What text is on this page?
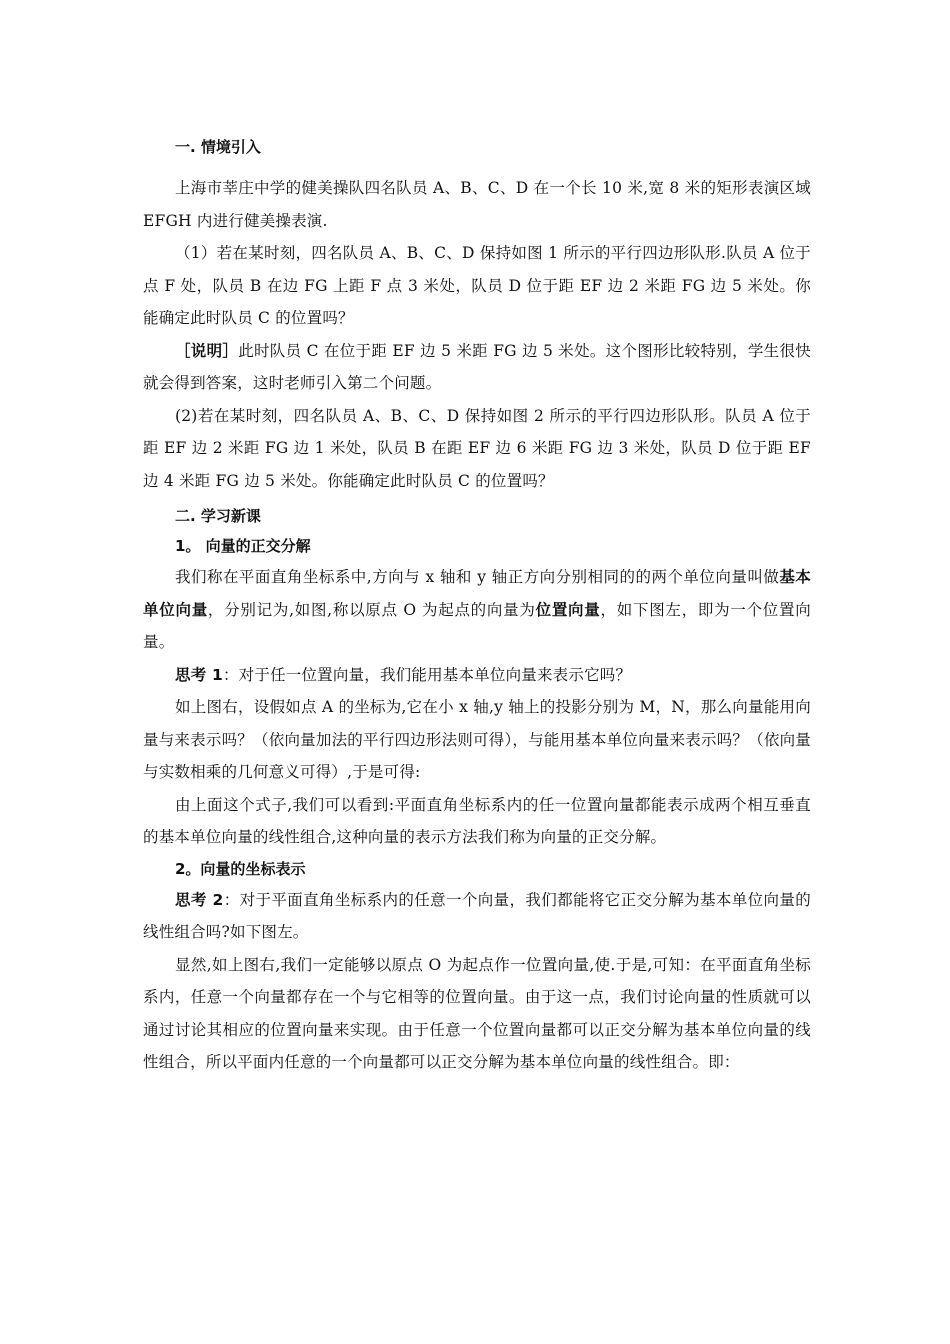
一. 情境引入

上海市莘庄中学的健美操队四名队员 A、B、C、D 在一个长 10 米,宽 8 米的矩形表演区域 EFGH 内进行健美操表演.

（1）若在某时刻，四名队员 A、B、C、D 保持如图 1 所示的平行四边形队形.队员 A 位于点 F 处，队员 B 在边 FG 上距 F 点 3 米处，队员 D 位于距 EF 边 2 米距 FG 边 5 米处。你能确定此时队员 C 的位置吗？

［说明］此时队员 C 在位于距 EF 边 5 米距 FG 边 5 米处。这个图形比较特别，学生很快就会得到答案，这时老师引入第二个问题。

(2)若在某时刻，四名队员 A、B、C、D 保持如图 2 所示的平行四边形队形。队员 A 位于距 EF 边 2 米距 FG 边 1 米处，队员 B 在距 EF 边 6 米距 FG 边 3 米处，队员 D 位于距 EF 边 4 米距 FG 边 5 米处。你能确定此时队员 C 的位置吗？

二. 学习新课
1。 向量的正交分解

我们称在平面直角坐标系中,方向与 x 轴和 y 轴正方向分别相同的的两个单位向量叫做基本单位向量，分别记为,如图,称以原点 O 为起点的向量为位置向量，如下图左，即为一个位置向量。

思考 1：对于任一位置向量，我们能用基本单位向量来表示它吗？

如上图右，设假如点 A 的坐标为,它在小 x 轴,y 轴上的投影分别为 M，N，那么向量能用向量与来表示吗？（依向量加法的平行四边形法则可得），与能用基本单位向量来表示吗？（依向量与实数相乘的几何意义可得）,于是可得:

由上面这个式子,我们可以看到:平面直角坐标系内的任一位置向量都能表示成两个相互垂直的基本单位向量的线性组合,这种向量的表示方法我们称为向量的正交分解。

2。向量的坐标表示

思考 2：对于平面直角坐标系内的任意一个向量，我们都能将它正交分解为基本单位向量的线性组合吗?如下图左。

显然,如上图右,我们一定能够以原点 O 为起点作一位置向量,使.于是,可知：在平面直角坐标系内，任意一个向量都存在一个与它相等的位置向量。由于这一点，我们讨论向量的性质就可以通过讨论其相应的位置向量来实现。由于任意一个位置向量都可以正交分解为基本单位向量的线性组合，所以平面内任意的一个向量都可以正交分解为基本单位向量的线性组合。即：
